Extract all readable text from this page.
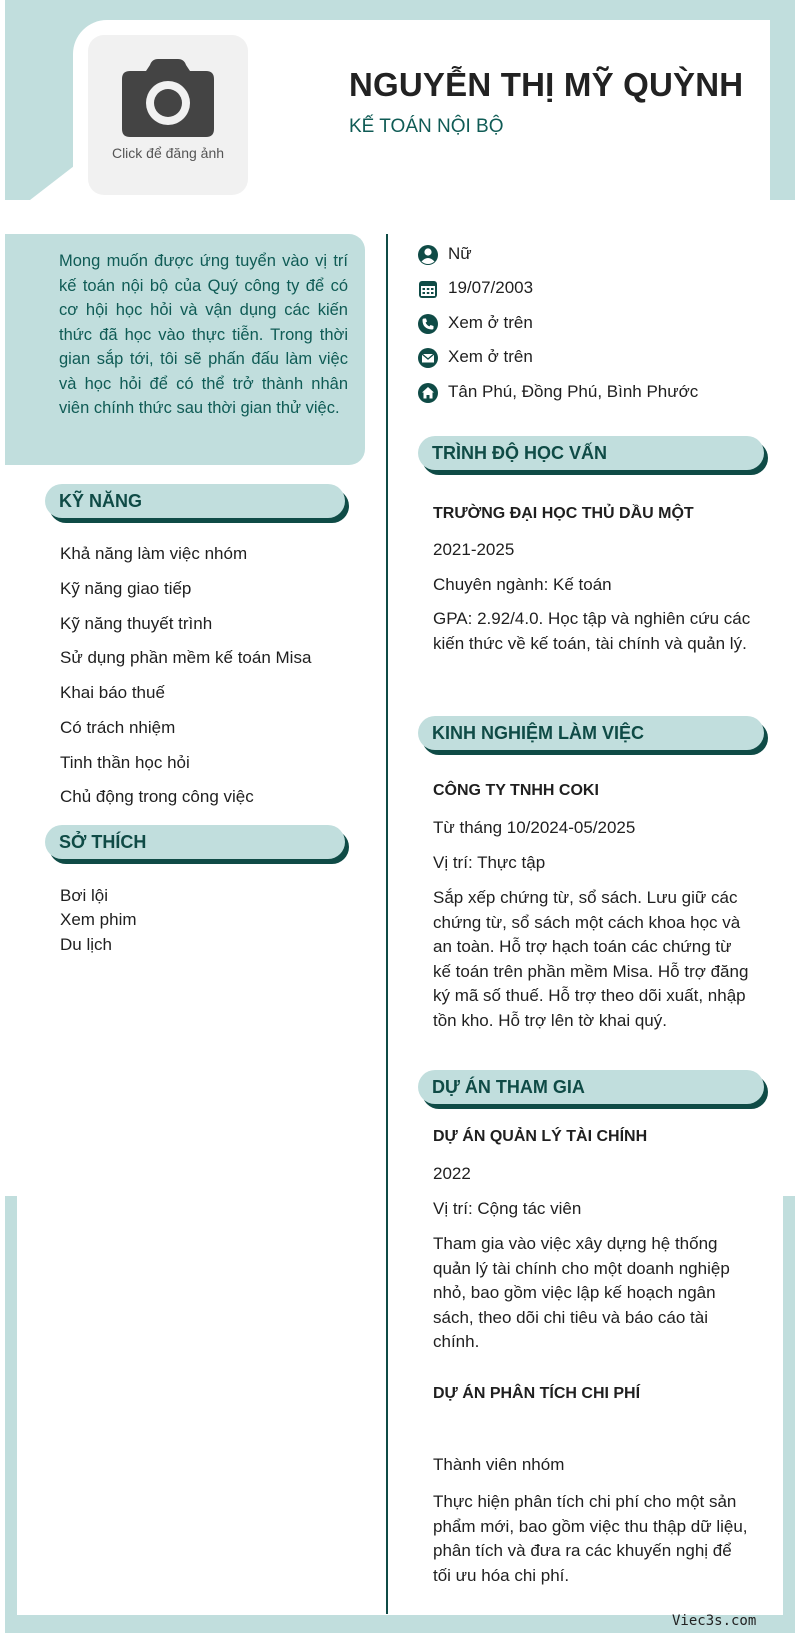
Click để đăng ảnh
NGUYỄN THỊ MỸ QUỲNH
KẾ TOÁN NỘI BỘ
Mong muốn được ứng tuyển vào vị trí kế toán nội bộ của Quý công ty để có cơ hội học hỏi và vận dụng các kiến thức đã học vào thực tiễn. Trong thời gian sắp tới, tôi sẽ phấn đấu làm việc và học hỏi để có thể trở thành nhân viên chính thức sau thời gian thử việc.
KỸ NĂNG
Khả năng làm việc nhóm
Kỹ năng giao tiếp
Kỹ năng thuyết trình
Sử dụng phần mềm kế toán Misa
Khai báo thuế
Có trách nhiệm
Tinh thần học hỏi
Chủ động trong công việc
SỞ THÍCH
Bơi lội
Xem phim
Du lịch
Nữ
19/07/2003
Xem ở trên
Xem ở trên
Tân Phú, Đồng Phú, Bình Phước
TRÌNH ĐỘ HỌC VẤN
TRƯỜNG ĐẠI HỌC THỦ DẦU MỘT
2021-2025
Chuyên ngành: Kế toán
GPA: 2.92/4.0. Học tập và nghiên cứu các kiến thức về kế toán, tài chính và quản lý.
KINH NGHIỆM LÀM VIỆC
CÔNG TY TNHH COKI
Từ tháng 10/2024-05/2025
Vị trí: Thực tập
Sắp xếp chứng từ, sổ sách. Lưu giữ các chứng từ, sổ sách một cách khoa học và an toàn. Hỗ trợ hạch toán các chứng từ kế toán trên phần mềm Misa. Hỗ trợ đăng ký mã số thuế. Hỗ trợ theo dõi xuất, nhập tồn kho. Hỗ trợ lên tờ khai quý.
DỰ ÁN THAM GIA
DỰ ÁN QUẢN LÝ TÀI CHÍNH
2022
Vị trí: Cộng tác viên
Tham gia vào việc xây dựng hệ thống quản lý tài chính cho một doanh nghiệp nhỏ, bao gồm việc lập kế hoạch ngân sách, theo dõi chi tiêu và báo cáo tài chính.
DỰ ÁN PHÂN TÍCH CHI PHÍ
Thành viên nhóm
Thực hiện phân tích chi phí cho một sản phẩm mới, bao gồm việc thu thập dữ liệu, phân tích và đưa ra các khuyến nghị để tối ưu hóa chi phí.
Viec3s.com
